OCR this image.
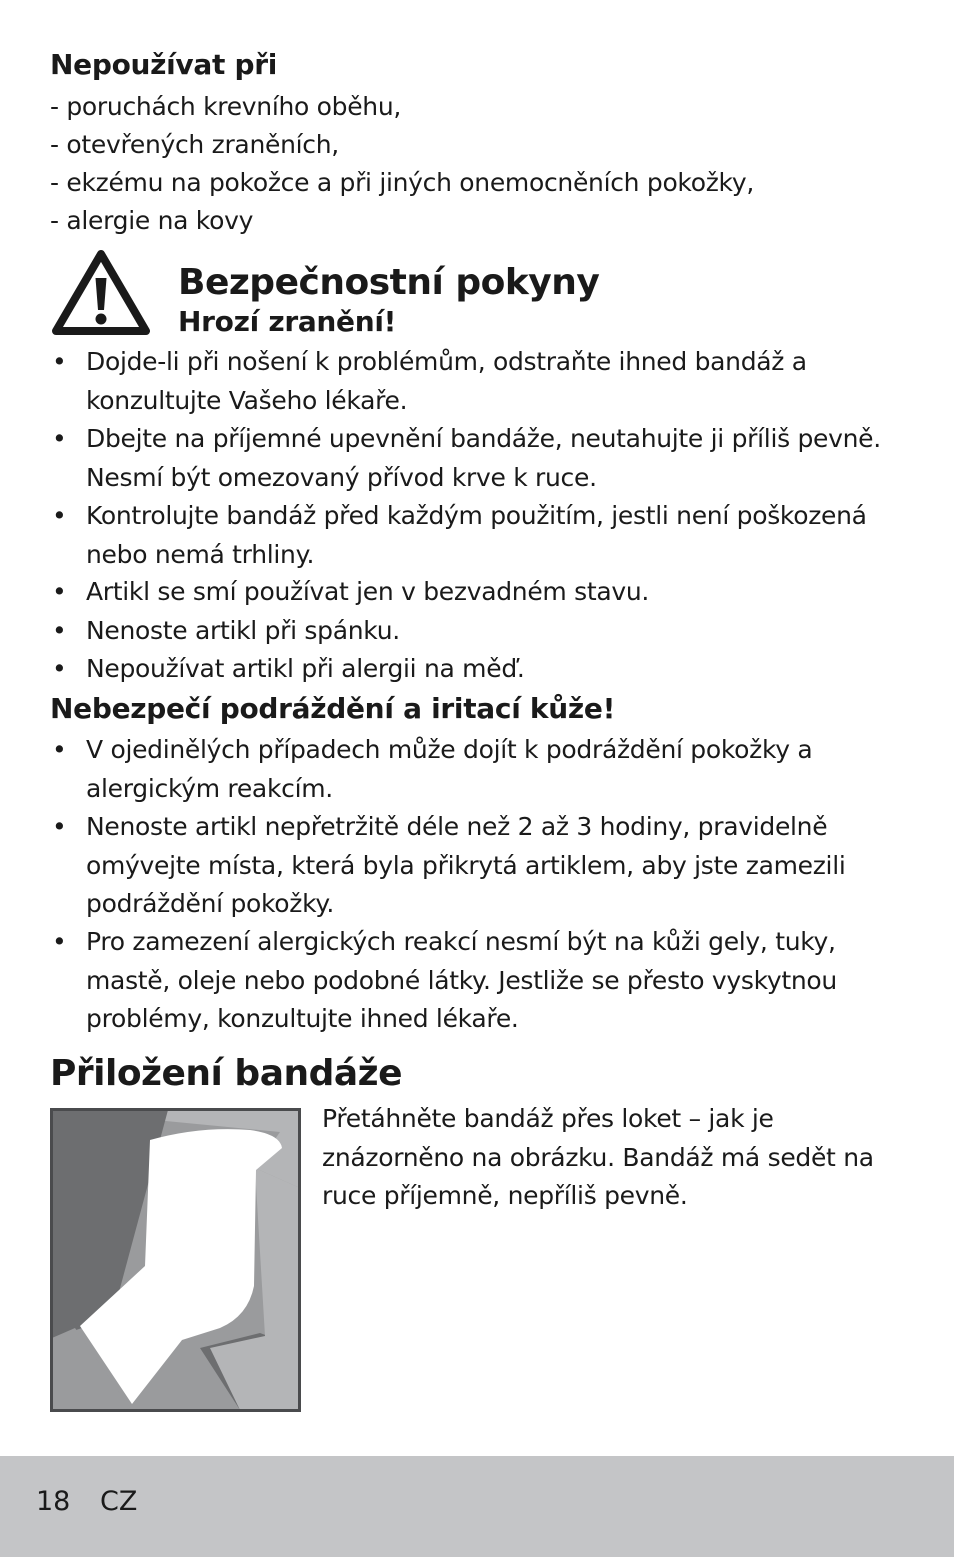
Nepoužívat při
- poruchách krevního oběhu,
- otevřených zraněních,
- ekzému na pokožce a při jiných onemocněních pokožky,
- alergie na kovy
Bezpečnostní pokyny
Hrozí zranění!
• Dojde-li při nošení k problémům, odstraňte ihned bandáž a
konzultujte Vašeho lékaře.
• Dbejte na příjemné upevnění bandáže, neutahujte ji příliš pevně.
Nesmí být omezovaný přívod krve k ruce.
• Kontrolujte bandáž před každým použitím, jestli není poškozená
nebo nemá trhliny.
• Artikl se smí používat jen v bezvadném stavu.
• Nenoste artikl při spánku.
• Nepoužívat artikl při alergii na měď.
Nebezpečí podráždění a iritací kůže!
• V ojedinělých případech může dojít k podráždění pokožky a
alergickým reakcím.
• Nenoste artikl nepřetržitě déle než 2 až 3 hodiny, pravidelně
omývejte místa, která byla přikrytá artiklem, aby jste zamezili
podráždění pokožky.
• Pro zamezení alergických reakcí nesmí být na kůži gely, tuky,
mastě, oleje nebo podobné látky. Jestliže se přesto vyskytnou
problémy, konzultujte ihned lékaře.
Přiložení bandáže
Přetáhněte bandáž přes loket – jak je
znázorněno na obrázku. Bandáž má sedět na
ruce příjemně, nepříliš pevně.
18 CZ
